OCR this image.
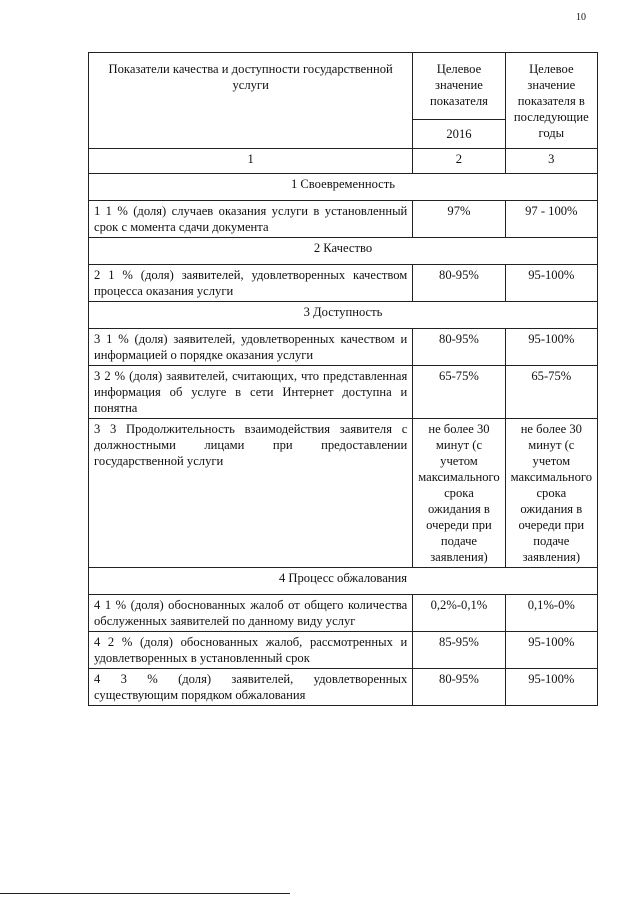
10
Показатели качества и доступности государственной услуги	Целевое значение показателя	Целевое значение показателя в последующие годы
	2016	
1	2	3
1 Своевременность		
1 1 % (доля) случаев оказания услуги в установленный срок с момента сдачи документа	97%	97 - 100%
2 Качество		
2 1 % (доля) заявителей, удовлетворенных качеством процесса оказания услуги	80-95%	95-100%
3 Доступность		
3 1 % (доля) заявителей, удовлетворенных качеством и информацией о порядке оказания услуги	80-95%	95-100%
3 2 % (доля) заявителей, считающих, что представленная информация об услуге в сети Интернет доступна и понятна	65-75%	65-75%
3 3 Продолжительность взаимодействия заявителя с должностными лицами при предоставлении государственной услуги	не более 30 минут (с учетом максимального срока ожидания в очереди при подаче заявления)	не более 30 минут (с учетом максимального срока ожидания в очереди при подаче заявления)
4 Процесс обжалования		
4 1 % (доля) обоснованных жалоб от общего количества обслуженных заявителей по данному виду услуг	0,2%-0,1%	0,1%-0%
4 2 % (доля) обоснованных жалоб, рассмотренных и удовлетворенных в установленный срок	85-95%	95-100%
4 3 % (доля) заявителей, удовлетворенных существующим порядком обжалования	80-95%	95-100%
